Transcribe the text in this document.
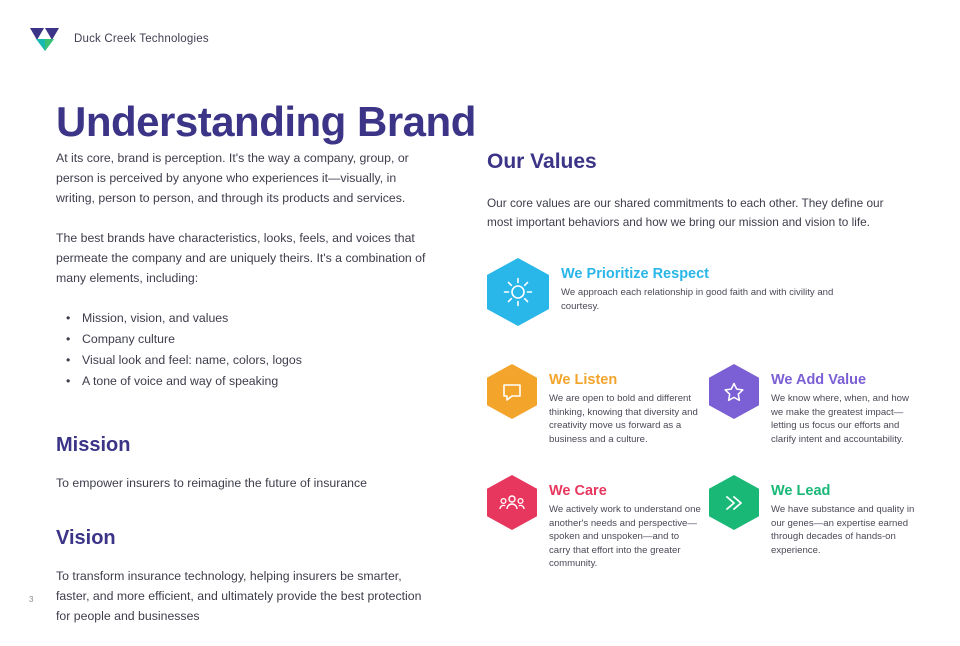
Duck Creek Technologies
Understanding Brand

At its core, brand is perception. It's the way a company, group, or person is perceived by anyone who experiences it—visually, in writing, person to person, and through its products and services.

The best brands have characteristics, looks, feels, and voices that permeate the company and are uniquely theirs. It's a combination of many elements, including:

• Mission, vision, and values
• Company culture
• Visual look and feel: name, colors, logos
• A tone of voice and way of speaking
Mission

To empower insurers to reimagine the future of insurance

Vision

To transform insurance technology, helping insurers be smarter, faster, and more efficient, and ultimately provide the best protection for people and businesses

Our Values

Our core values are our shared commitments to each other. They define our most important behaviors and how we bring our mission and vision to life.

We Prioritize Respect
We approach each relationship in good faith and with civility and courtesy.
We Listen
We are open to bold and different thinking, knowing that diversity and creativity move us forward as a business and a culture.
We Add Value
We know where, when, and how we make the greatest impact—letting us focus our efforts and clarify intent and accountability.
We Care
We actively work to understand one another's needs and perspective—spoken and unspoken—and to carry that effort into the greater community.
We Lead
We have substance and quality in our genes—an expertise earned through decades of hands-on experience.
3
